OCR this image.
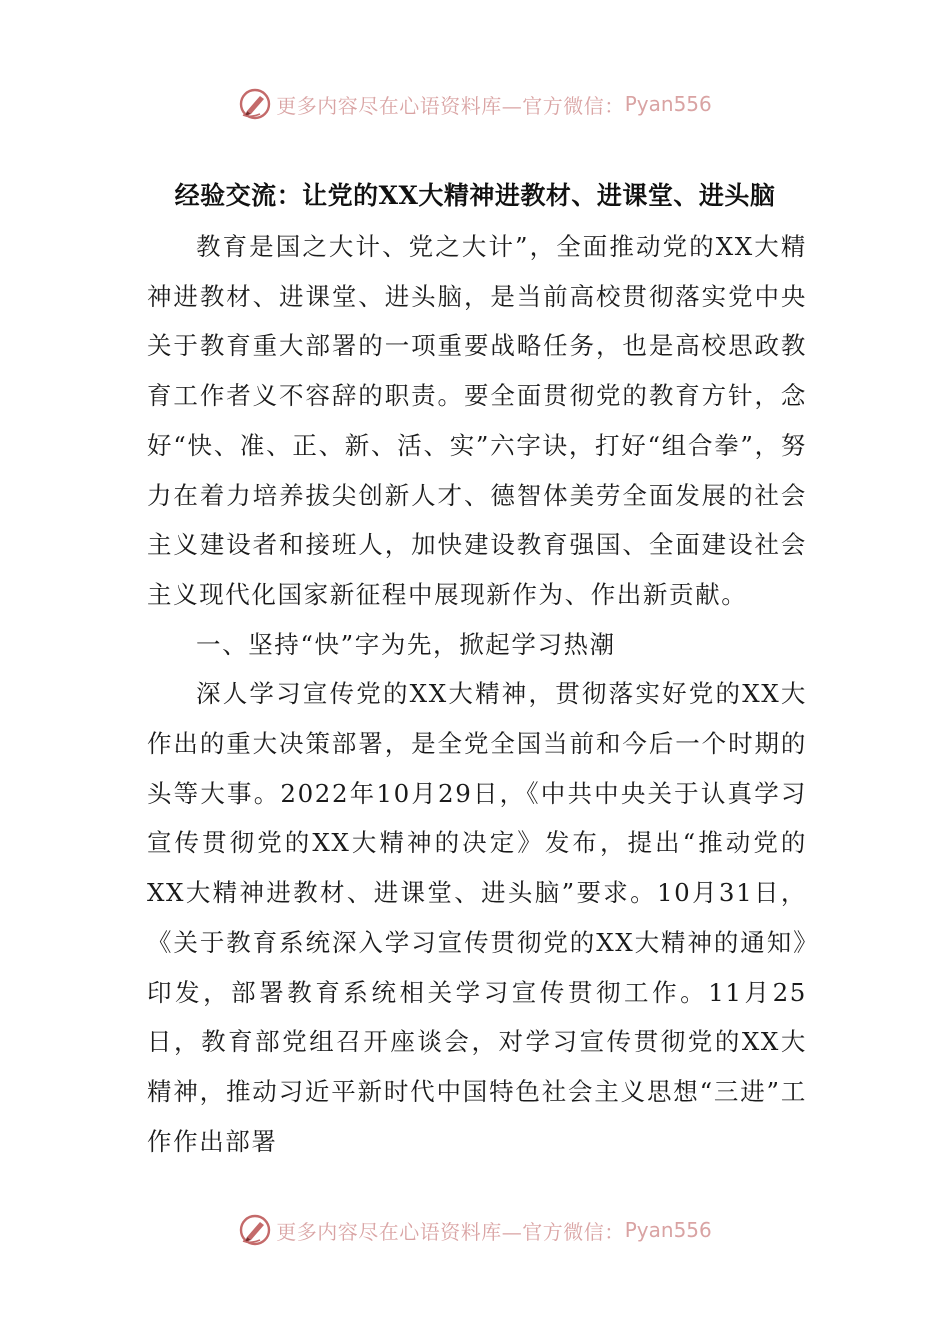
更多内容尽在心语资料库—官方微信： Pyan556
经验交流：让党的XX大精神进教材、进课堂、进头脑

教育是国之大计、党之大计”，全面推动党的XX大精神进教材、进课堂、进头脑，是当前高校贯彻落实党中央关于教育重大部署的一项重要战略任务，也是高校思政教育工作者义不容辞的职责。要全面贯彻党的教育方针，念好“快、准、正、新、活、实”六字诀，打好“组合拳”，努力在着力培养拔尖创新人才、德智体美劳全面发展的社会主义建设者和接班人，加快建设教育强国、全面建设社会主义现代化国家新征程中展现新作为、作出新贡献。

一、坚持“快”字为先，掀起学习热潮

深人学习宣传党的XX大精神，贯彻落实好党的XX大作出的重大决策部署，是全党全国当前和今后一个时期的头等大事。2022年10月29日，《中共中央关于认真学习宣传贯彻党的XX大精神的决定》发布，提出“推动党的XX大精神进教材、进课堂、进头脑”要求。10月31日，《关于教育系统深入学习宣传贯彻党的XX大精神的通知》印发，部署教育系统相关学习宣传贯彻工作。11月25日，教育部党组召开座谈会，对学习宣传贯彻党的XX大精神，推动习近平新时代中国特色社会主义思想“三进”工作作出部署

更多内容尽在心语资料库—官方微信： Pyan556
